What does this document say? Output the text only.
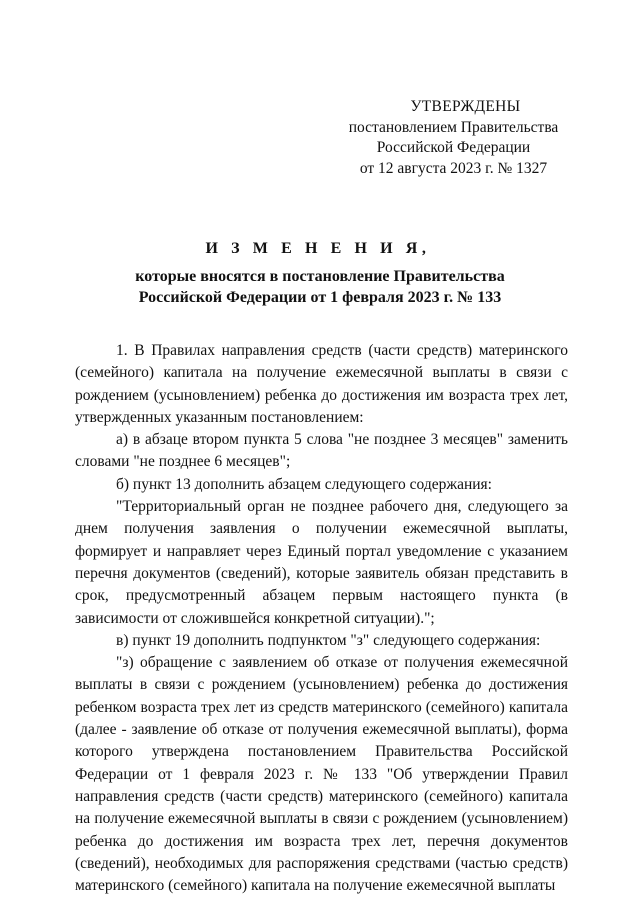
УТВЕРЖДЕНЫ
постановлением Правительства
Российской Федерации
от 12 августа 2023 г. № 1327
И З М Е Н Е Н И Я,
которые вносятся в постановление Правительства
Российской Федерации от 1 февраля 2023 г. № 133

1. В Правилах направления средств (части средств) материнского (семейного) капитала на получение ежемесячной выплаты в связи с рождением (усыновлением) ребенка до достижения им возраста трех лет, утвержденных указанным постановлением:

а) в абзаце втором пункта 5 слова "не позднее 3 месяцев" заменить словами "не позднее 6 месяцев";

б) пункт 13 дополнить абзацем следующего содержания:

"Территориальный орган не позднее рабочего дня, следующего за днем получения заявления о получении ежемесячной выплаты, формирует и направляет через Единый портал уведомление с указанием перечня документов (сведений), которые заявитель обязан представить в срок, предусмотренный абзацем первым настоящего пункта (в зависимости от сложившейся конкретной ситуации).";

в) пункт 19 дополнить подпунктом "з" следующего содержания:

"з) обращение с заявлением об отказе от получения ежемесячной выплаты в связи с рождением (усыновлением) ребенка до достижения ребенком возраста трех лет из средств материнского (семейного) капитала (далее - заявление об отказе от получения ежемесячной выплаты), форма которого утверждена постановлением Правительства Российской Федерации от 1 февраля 2023 г. № 133 "Об утверждении Правил направления средств (части средств) материнского (семейного) капитала на получение ежемесячной выплаты в связи с рождением (усыновлением) ребенка до достижения им возраста трех лет, перечня документов (сведений), необходимых для распоряжения средствами (частью средств) материнского (семейного) капитала на получение ежемесячной выплаты
